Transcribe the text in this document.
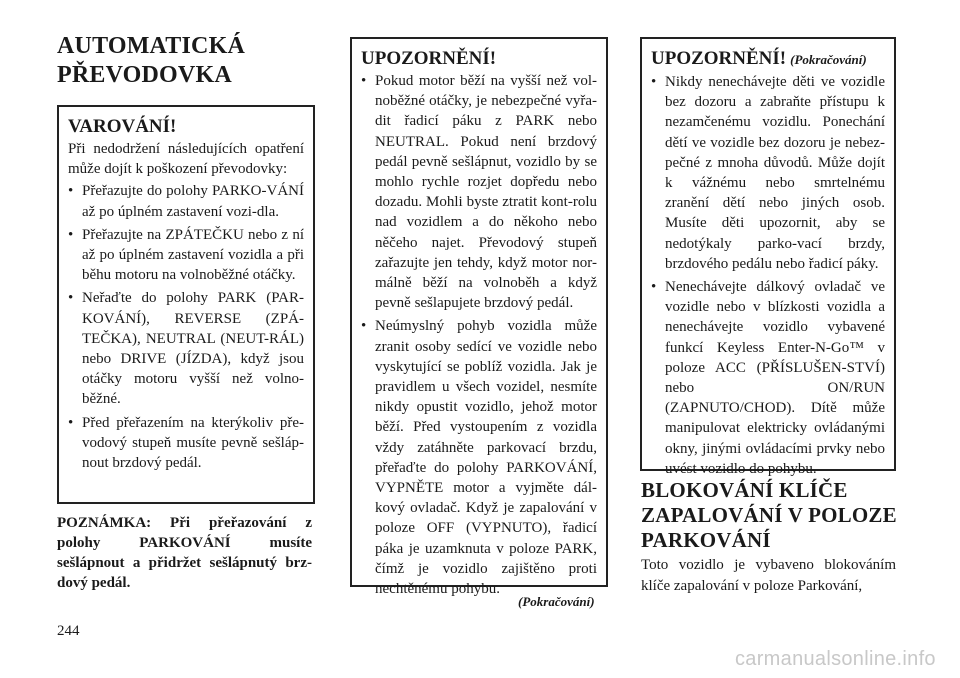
AUTOMATICKÁ
PŘEVODOVKA

VAROVÁNÍ!

Při nedodržení následujících opatření může dojít k poškození převodovky:

• Přeřazujte do polohy PARKO-VÁNÍ až po úplném zastavení vozi-dla.
• Přeřazujte na ZPÁTEČKU nebo z ní až po úplném zastavení vozidla a při běhu motoru na volnoběžné otáčky.
• Neřaďte do polohy PARK (PAR-KOVÁNÍ), REVERSE (ZPÁ-TEČKA), NEUTRAL (NEUT-RÁL) nebo DRIVE (JÍZDA), když jsou otáčky motoru vyšší než volno-běžné.
• Před přeřazením na kterýkoliv pře-vodový stupeň musíte pevně sešláp-nout brzdový pedál.
POZNÁMKA: Při přeřazování z polohy PARKOVÁNÍ musíte sešlápnout a přidržet sešlápnutý brz-dový pedál.

UPOZORNĚNÍ!

• Pokud motor běží na vyšší než vol-noběžné otáčky, je nebezpečné vyřa-dit řadicí páku z PARK nebo NEUTRAL. Pokud není brzdový pedál pevně sešlápnut, vozidlo by se mohlo rychle rozjet dopředu nebo dozadu. Mohli byste ztratit kont-rolu nad vozidlem a do někoho nebo něčeho najet. Převodový stupeň zařazujte jen tehdy, když motor nor-málně běží na volnoběh a když pevně sešlapujete brzdový pedál.
• Neúmyslný pohyb vozidla může zranit osoby sedící ve vozidle nebo vyskytující se poblíž vozidla. Jak je pravidlem u všech vozidel, nesmíte nikdy opustit vozidlo, jehož motor běží. Před vystoupením z vozidla vždy zatáhněte parkovací brzdu, přeřaďte do polohy PARKOVÁNÍ, VYPNĚTE motor a vyjměte dál-kový ovladač. Když je zapalování v poloze OFF (VYPNUTO), řadicí páka je uzamknuta v poloze PARK, čímž je vozidlo zajištěno proti nechtěnému pohybu.
(Pokračování)

UPOZORNĚNÍ! (Pokračování)

• Nikdy nenechávejte děti ve vozidle bez dozoru a zabraňte přístupu k nezamčenému vozidlu. Ponechání dětí ve vozidle bez dozoru je nebez-pečné z mnoha důvodů. Může dojít k vážnému nebo smrtelnému zranění dětí nebo jiných osob. Musíte děti upozornit, aby se nedotýkaly parko-vací brzdy, brzdového pedálu nebo řadicí páky.
• Nenechávejte dálkový ovladač ve vozidle nebo v blízkosti vozidla a nenechávejte vozidlo vybavené funkcí Keyless Enter-N-Go™ v poloze ACC (PŘÍSLUŠEN-STVÍ) nebo ON/RUN (ZAPNUTO/CHOD). Dítě může manipulovat elektricky ovládanými okny, jinými ovládacími prvky nebo uvést vozidlo do pohybu.
BLOKOVÁNÍ KLÍČE
ZAPALOVÁNÍ V POLOZE
PARKOVÁNÍ
Toto vozidlo je vybaveno blokováním klíče zapalování v poloze Parkování,
244
carmanualsonline.info
